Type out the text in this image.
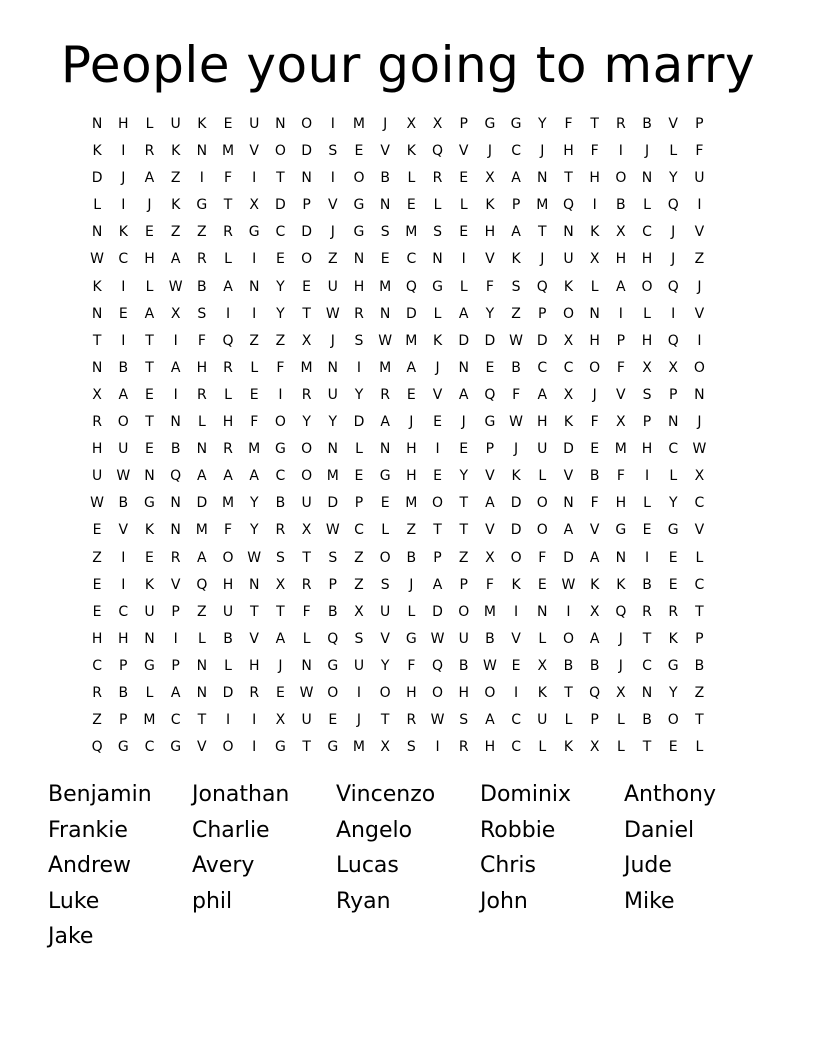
People your going to marry
N	H	L	U	K	E	U	N	O	I	M	J	X	X	P	G	G	Y	F	T	R	B	V	P
K	I	R	K	N	M	V	O	D	S	E	V	K	Q	V	J	C	J	H	F	I	J	L	F
D	J	A	Z	I	F	I	T	N	I	O	B	L	R	E	X	A	N	T	H	O	N	Y	U
L	I	J	K	G	T	X	D	P	V	G	N	E	L	L	K	P	M	Q	I	B	L	Q	I
N	K	E	Z	Z	R	G	C	D	J	G	S	M	S	E	H	A	T	N	K	X	C	J	V
W	C	H	A	R	L	I	E	O	Z	N	E	C	N	I	V	K	J	U	X	H	H	J	Z
K	I	L	W	B	A	N	Y	E	U	H	M	Q	G	L	F	S	Q	K	L	A	O	Q	J
N	E	A	X	S	I	I	Y	T	W	R	N	D	L	A	Y	Z	P	O	N	I	L	I	V
T	I	T	I	F	Q	Z	Z	X	J	S	W M	K	D	D W D	X	H	P	H	Q	I
N	B	T	A	H	R	L	F	M	N	I	M	A	J	N	E	B	C	C	O	F	X	X	O
X	A	E	I	R	L	E	I	R	U	Y	R	E	V	A	Q	F	A	X	J	V	S	P	N
R	O	T	N	L	H	F	O	Y	Y	D	A	J	E	J	G W	H	K	F	X	P	N	J
H	U	E	B	N	R	M	G	O	N	L	N	H	I	E	P	J	U	D	E	M	H	C	W
U	W	N	Q	A	A	A	C	O	M	E	G	H	E	Y	V	K	L	V	B	F	I	L	X
W	B	G	N	D	M	Y	B	U	D	P	E	M	O	T	A	D	O	N	F	H	L	Y	C
E	V	K	N	M	F	Y	R	X	W	C	L	Z	T	T	V	D	O	A	V	G	E	G	V
Z	I	E	R	A	O W	S	T	S	Z	O	B	P	Z	X	O	F	D	A	N	I	E	L
E	I	K	V	Q	H	N	X	R	P	Z	S	J	A	P	F	K	E	W	K	K	B	E	C
E	C	U	P	Z	U	T	T	F	B	X	U	L	D	O	M	I	N	I	X	Q	R	R	T
H	H	N	I	L	B	V	A	L	Q	S	V	G W	U	B	V	L	O	A	J	T	K	P
C	P	G	P	N	L	H	J	N	G	U	Y	F	Q	B	W	E	X	B	B	J	C	G	B
R	B	L	A	N	D	R	E	W O	I	O	H	O	H	O	I	K	T	Q	X	N	Y	Z
Z	P	M	C	T	I	I	X	U	E	J	T	R	W	S	A	C	U	L	P	L	B	O	T
Q	G	C	G	V	O	I	G	T	G	M	X	S	I	R	H	C	L	K	X	L	T	E	L
Benjamin	Jonathan	Vincenzo	Dominix	Anthony
Frankie	Charlie	Angelo	Robbie	Daniel
Andrew	Avery	Lucas	Chris	Jude
Luke	phil	Ryan	John	Mike
Jake
